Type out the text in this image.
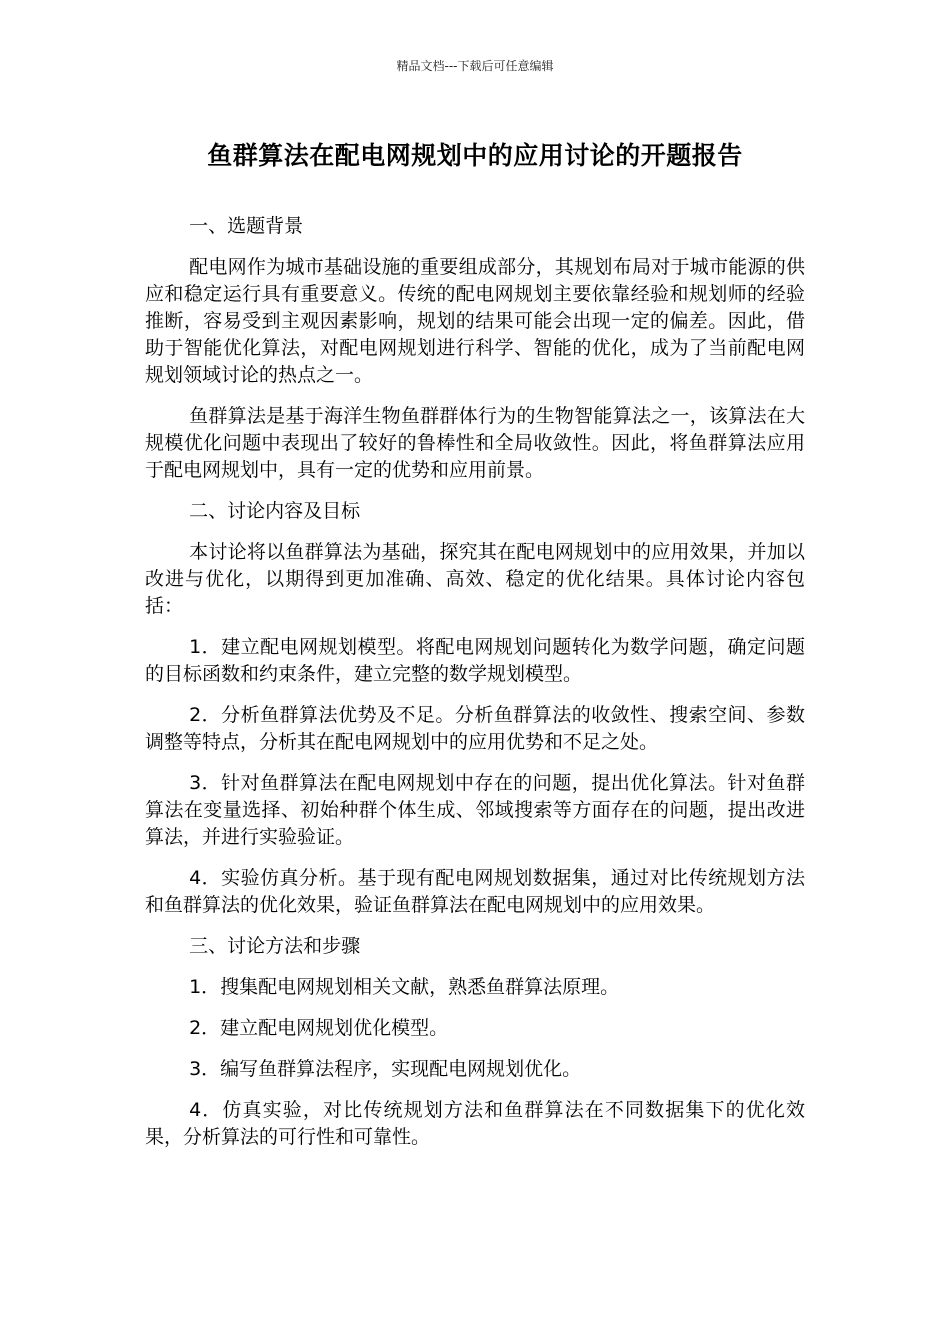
精品文档---下载后可任意编辑
鱼群算法在配电网规划中的应用讨论的开题报告

一、选题背景

配电网作为城市基础设施的重要组成部分，其规划布局对于城市能源的供应和稳定运行具有重要意义。传统的配电网规划主要依靠经验和规划师的经验推断，容易受到主观因素影响，规划的结果可能会出现一定的偏差。因此，借助于智能优化算法，对配电网规划进行科学、智能的优化，成为了当前配电网规划领域讨论的热点之一。

鱼群算法是基于海洋生物鱼群群体行为的生物智能算法之一，该算法在大规模优化问题中表现出了较好的鲁棒性和全局收敛性。因此，将鱼群算法应用于配电网规划中，具有一定的优势和应用前景。

二、讨论内容及目标

本讨论将以鱼群算法为基础，探究其在配电网规划中的应用效果，并加以改进与优化，以期得到更加准确、高效、稳定的优化结果。具体讨论内容包括：

1．建立配电网规划模型。将配电网规划问题转化为数学问题，确定问题的目标函数和约束条件，建立完整的数学规划模型。

2．分析鱼群算法优势及不足。分析鱼群算法的收敛性、搜索空间、参数调整等特点，分析其在配电网规划中的应用优势和不足之处。

3．针对鱼群算法在配电网规划中存在的问题，提出优化算法。针对鱼群算法在变量选择、初始种群个体生成、邻域搜索等方面存在的问题，提出改进算法，并进行实验验证。

4．实验仿真分析。基于现有配电网规划数据集，通过对比传统规划方法和鱼群算法的优化效果，验证鱼群算法在配电网规划中的应用效果。

三、讨论方法和步骤

1．搜集配电网规划相关文献，熟悉鱼群算法原理。

2．建立配电网规划优化模型。

3．编写鱼群算法程序，实现配电网规划优化。

4．仿真实验，对比传统规划方法和鱼群算法在不同数据集下的优化效果，分析算法的可行性和可靠性。
